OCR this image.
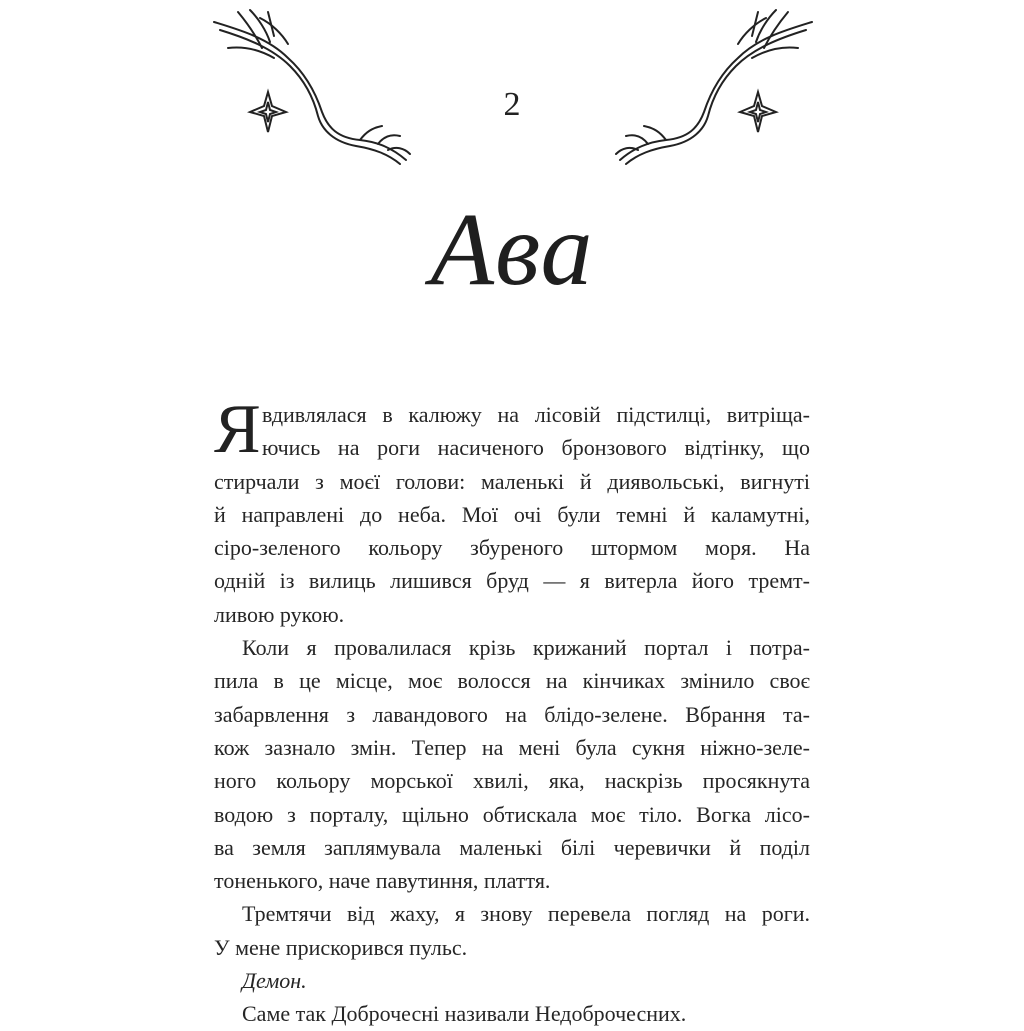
2
Ава
Я вдивлялася в калюжу на лісовій підстилці, витріща-
ючись на роги насиченого бронзового відтінку, що
стирчали з моєї голови: маленькі й диявольські, вигнуті
й направлені до неба. Мої очі були темні й каламутні,
сіро-зеленого кольору збуреного штормом моря. На
одній із вилиць лишився бруд — я витерла його тремт-
ливою рукою.
Коли я провалилася крізь крижаний портал і потра-
пила в це місце, моє волосся на кінчиках змінило своє
забарвлення з лавандового на блідо-зелене. Вбрання та-
кож зазнало змін. Тепер на мені була сукня ніжно-зеле-
ного кольору морської хвилі, яка, наскрізь просякнута
водою з порталу, щільно обтискала моє тіло. Вогка лісо-
ва земля заплямувала маленькі білі черевички й поділ
тоненького, наче павутиння, плаття.
Тремтячи від жаху, я знову перевела погляд на роги.
У мене прискорився пульс.
Демон.
Саме так Доброчесні називали Недоброчесних.
